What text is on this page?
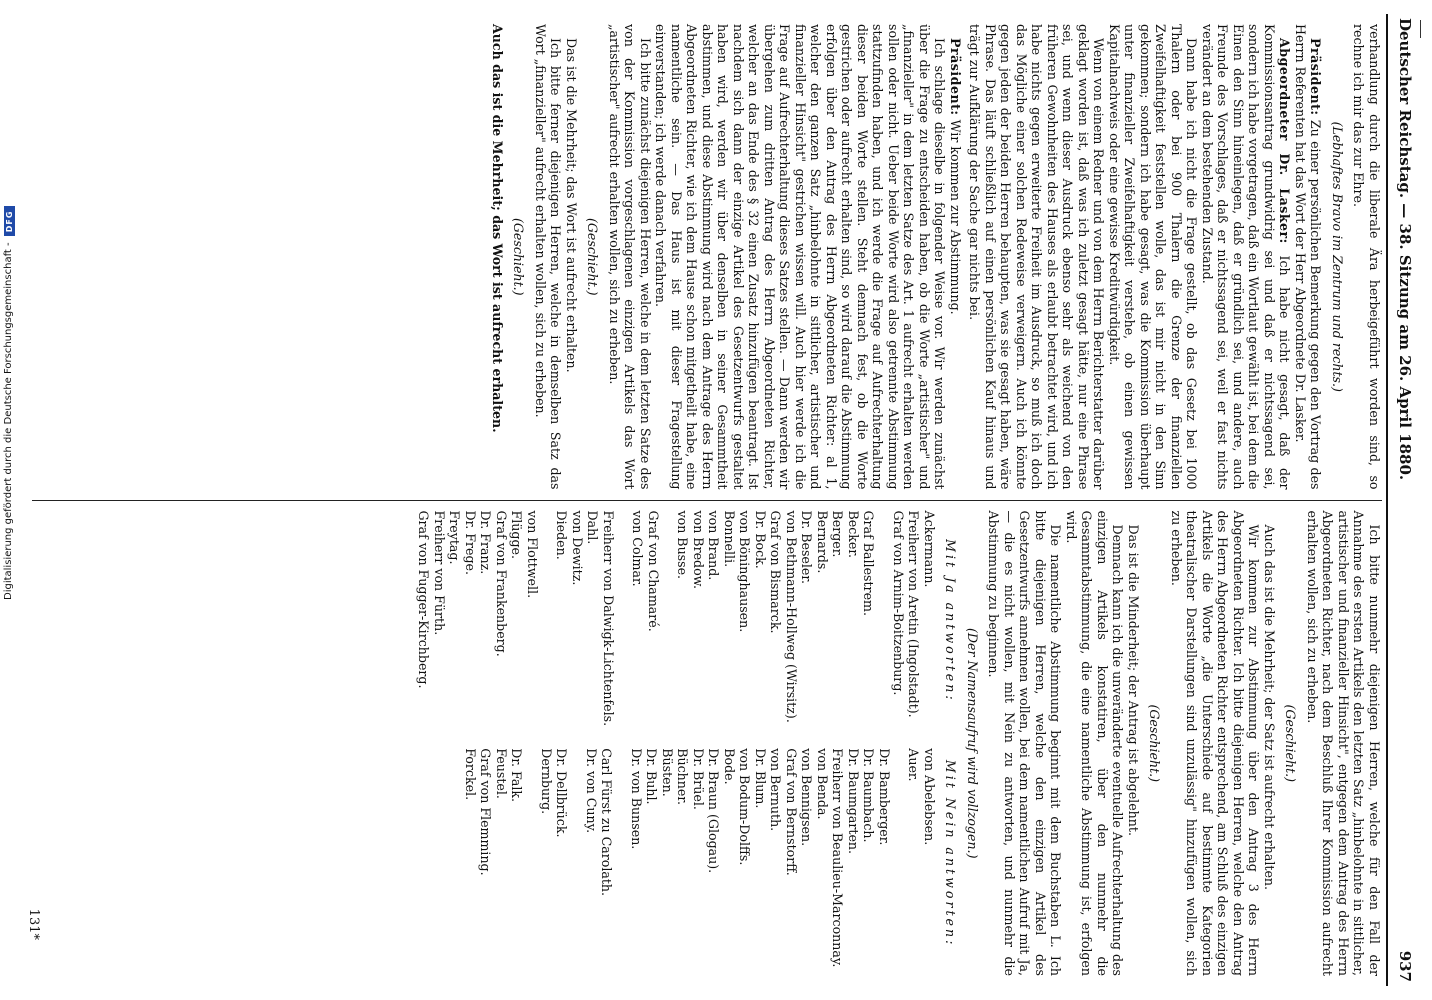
Deutscher Reichstag. — 38. Sitzung am 26. April 1880.
937

verhandlung durch die liberale Ära herbeigeführt worden sind, so rechne ich mir das zur Ehre.

(Lebhaftes Bravo im Zentrum und rechts.)

Präsident: Zu einer persönlichen Bemerkung gegen den Vortrag des Herrn Referenten hat das Wort der Herr Abgeordnete Dr. Lasker.

Abgeordneter Dr. Lasker: Ich habe nicht gesagt, daß der Kommissionsantrag grundwidrig sei und daß er nichtssagend sei, sondern ich habe vorgetragen, daß ein Wortlaut gewählt ist, bei dem die Einen den Sinn hineinlegen, daß er gründlich sei, und andere, auch Freunde des Vorschlages, daß er nichtssagend sei, weil er fast nichts verändert an dem bestehenden Zustand.

Dann habe ich nicht die Frage gestellt, ob das Gesetz bei 1000 Thalern oder bei 900 Thalern die Grenze der finanziellen Zweifelhaftigkeit feststellen wolle, das ist mir nicht in den Sinn gekommen; sondern ich habe gesagt, was die Kommission überhaupt unter finanzieller Zweifelhaftigkeit verstehe, ob einen gewissen Kapitalnachweis oder eine gewisse Kreditwürdigkeit.

Wenn von einem Redner und von dem Herrn Berichterstatter darüber geklagt worden ist, daß was ich zuletzt gesagt hätte, nur eine Phrase sei, und wenn dieser Ausdruck ebenso sehr als weichend von den früheren Gewohnheiten des Hauses als erlaubt betrachtet wird, und ich habe nichts gegen erweiterte Freiheit im Ausdruck, so muß ich doch das Mögliche einer solchen Redeweise verweigern. Auch ich könnte gegen jeden der beiden Herren behaupten, was sie gesagt haben, wäre Phrase. Das läuft schließlich auf einen persönlichen Kauf hinaus und trägt zur Aufklärung der Sache gar nichts bei.

Präsident: Wir kommen zur Abstimmung.

Ich schlage dieselbe in folgender Weise vor. Wir werden zunächst über die Frage zu entscheiden haben, ob die Worte „artistischer" und „finanzieller" in dem letzten Satze des Art. 1 aufrecht erhalten werden sollen oder nicht. Ueber beide Worte wird also getrennte Abstimmung stattzufinden haben, und ich werde die Frage auf Aufrechterhaltung dieser beiden Worte stellen. Steht demnach fest, ob die Worte gestrichen oder aufrecht erhalten sind, so wird darauf die Abstimmung erfolgen über den Antrag des Herrn Abgeordneten Richter: al 1, welcher den ganzen Satz „hinbelohnte in sittlicher, artistischer und finanzieller Hinsicht" gestrichen wissen will. Auch hier werde ich die Frage auf Aufrechterhaltung dieses Satzes stellen. — Dann werden wir übergehen zum dritten Antrag des Herrn Abgeordneten Richter, welcher an das Ende des § 32 einen Zusatz hinzufügen beantragt. Ist nachdem sich dann der einzige Artikel des Gesetzentwurfs gestaltet haben wird, werden wir über denselben in seiner Gesammtheit abstimmen, und diese Abstimmung wird nach dem Antrage des Herrn Abgeordneten Richter, wie ich dem Hause schon mitgetheilt habe, eine namentliche sein. — Das Haus ist mit dieser Fragestellung einverstanden; ich werde danach verfahren.

Ich bitte zunächst diejenigen Herren, welche in dem letzten Satze des von der Kommission vorgeschlagenen einzigen Artikels das Wort „artistischer" aufrecht erhalten wollen, sich zu erheben.

(Geschieht.)

Das ist die Mehrheit; das Wort ist aufrecht erhalten.

Ich bitte ferner diejenigen Herren, welche in demselben Satz das Wort „finanzieller" aufrecht erhalten wollen, sich zu erheben.

(Geschieht.)

Auch das ist die Mehrheit; das Wort ist aufrecht erhalten.

Ich bitte nunmehr diejenigen Herren, welche für den Fall der Annahme des ersten Artikels den letzten Satz „hinbelohnte in sittlicher, artistischer und finanzieller Hinsicht", entgegen dem Antrag des Herrn Abgeordneten Richter, nach dem Beschluß Ihrer Kommission aufrecht erhalten wollen, sich zu erheben.

(Geschieht.)

Auch das ist die Mehrheit; der Satz ist aufrecht erhalten.

Wir kommen zur Abstimmung über den Antrag 3 des Herrn Abgeordneten Richter. Ich bitte diejenigen Herren, welche den Antrag des Herrn Abgeordneten Richter entsprechend, am Schluß des einzigen Artikels die Worte „die Unterschiede auf bestimmte Kategorien theatralischer Darstellungen sind unzulässig" hinzufügen wollen, sich zu erheben.

(Geschieht.)

Das ist die Minderheit; der Antrag ist abgelehnt.

Demnach kann ich die unveränderte eventuelle Aufrechterhaltung des einzigen Artikels konstatiren, über den nunmehr die Gesammtabstimmung, die eine namentliche Abstimmung ist, erfolgen wird.

Die namentliche Abstimmung beginnt mit dem Buchstaben L. Ich bitte diejenigen Herren, welche den einzigen Artikel des Gesetzentwurfs annehmen wollen, bei dem namentlichen Aufruf mit Ja, — die es nicht wollen, mit Nein zu antworten, und nunmehr die Abstimmung zu beginnen.

(Der Namensaufruf wird vollzogen.)

Mit Ja antworten:
Mit Nein antworten:
Ackermann.
Freiherr von Aretin (Ingolstadt).
Graf von Arnim-Boitzenburg.
Graf Ballestrem.
Becker.
Berger.
Bernards.
Dr. Beseler.
von Bethmann-Hollweg (Wirsitz).
Graf von Bismarck.
Dr. Bock.
von Böninghausen.
Bonnelli.
von Brand.
von Bredow.
von Busse.
Graf von Chamaré.
von Colmar.
Freiherr von Dalwigk-Lichtenfels.
Dahl.
von Dewitz.
Dieden.
von Flottwell.
Flügge.
Graf von Frankenberg.
Dr. Franz.
Dr. Frege.
Freytag.
Freiherr von Fürth.
Graf von Fugger-Kirchberg.
von Abelebsen.
Auer.
Dr. Bamberger.
Dr. Baumbach.
Dr. Baumgarten.
Freiherr von Beaulieu-Marconnay.
von Benda.
von Bennigsen.
Graf von Bernstorff.
von Bernuth.
Dr. Blum.
von Bodum-Dolffs.
Bode.
Dr. Braun (Glogau).
Dr. Brüel.
Büchner.
Büsten.
Dr. Buhl.
Dr. von Bunsen.
Carl Fürst zu Carolath.
Dr. von Cuny.
Dr. Dellbrück.
Dernburg.
Dr. Falk.
Feustel.
Graf von Flemming.
Forckel.
131*
Digitalisierung gefördert durch die Deutsche Forschungsgemeinschaft -
DFG
